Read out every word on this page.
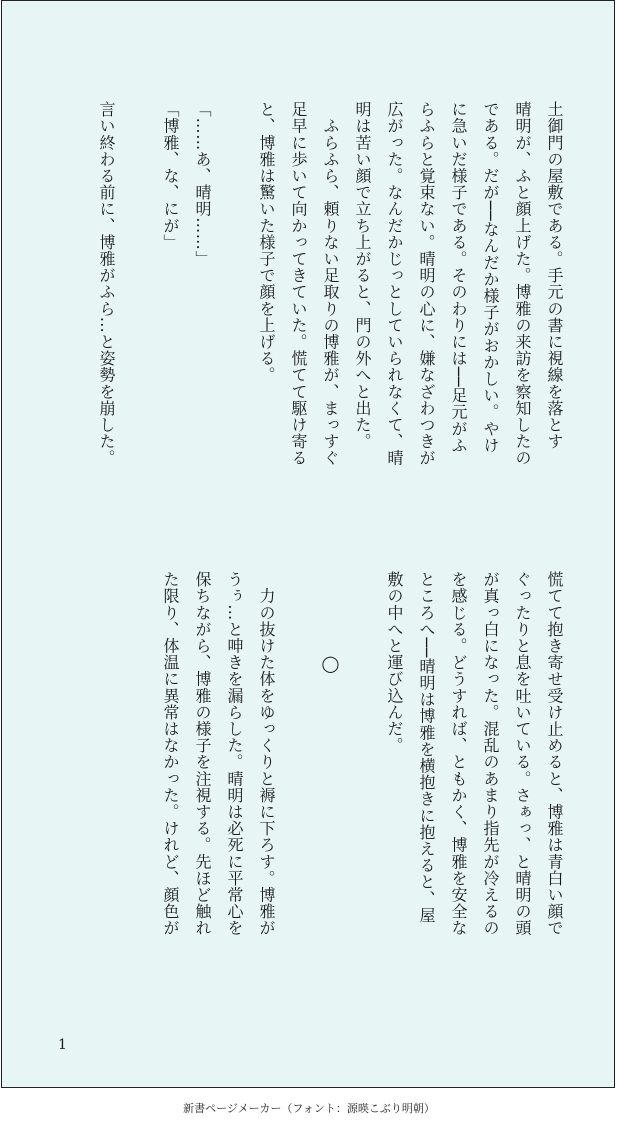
土御門の屋敷である。手元の書に視線を落とす
晴明が、ふと顔上げた。博雅の来訪を察知したの
である。だが──なんだか様子がおかしい。やけ
に急いだ様子である。そのわりには──足元がふ
らふらと覚束ない。晴明の心に、嫌なざわつきが
広がった。なんだかじっとしていられなくて、晴
明は苦い顔で立ち上がると、門の外へと出た。
　ふらふら、頼りない足取りの博雅が、まっすぐ
足早に歩いて向かってきていた。慌てて駆け寄る
と、博雅は驚いた様子で顔を上げる。

「……あ、晴明……」
「博雅、な、にが」

言い終わる前に、博雅がふら…と姿勢を崩した。
慌てて抱き寄せ受け止めると、博雅は青白い顔で
ぐったりと息を吐いている。さぁっ、と晴明の頭
が真っ白になった。混乱のあまり指先が冷えるの
を感じる。どうすれば、ともかく、博雅を安全な
ところへ──晴明は博雅を横抱きに抱えると、屋
敷の中へと運び込んだ。

　　　　　◯

　力の抜けた体をゆっくりと褥に下ろす。博雅が
うぅ…と呻きを漏らした。晴明は必死に平常心を
保ちながら、博雅の様子を注視する。先ほど触れ
た限り、体温に異常はなかった。けれど、顔色が
1
新書ページメーカー（フォント：源暎こぶり明朝）
